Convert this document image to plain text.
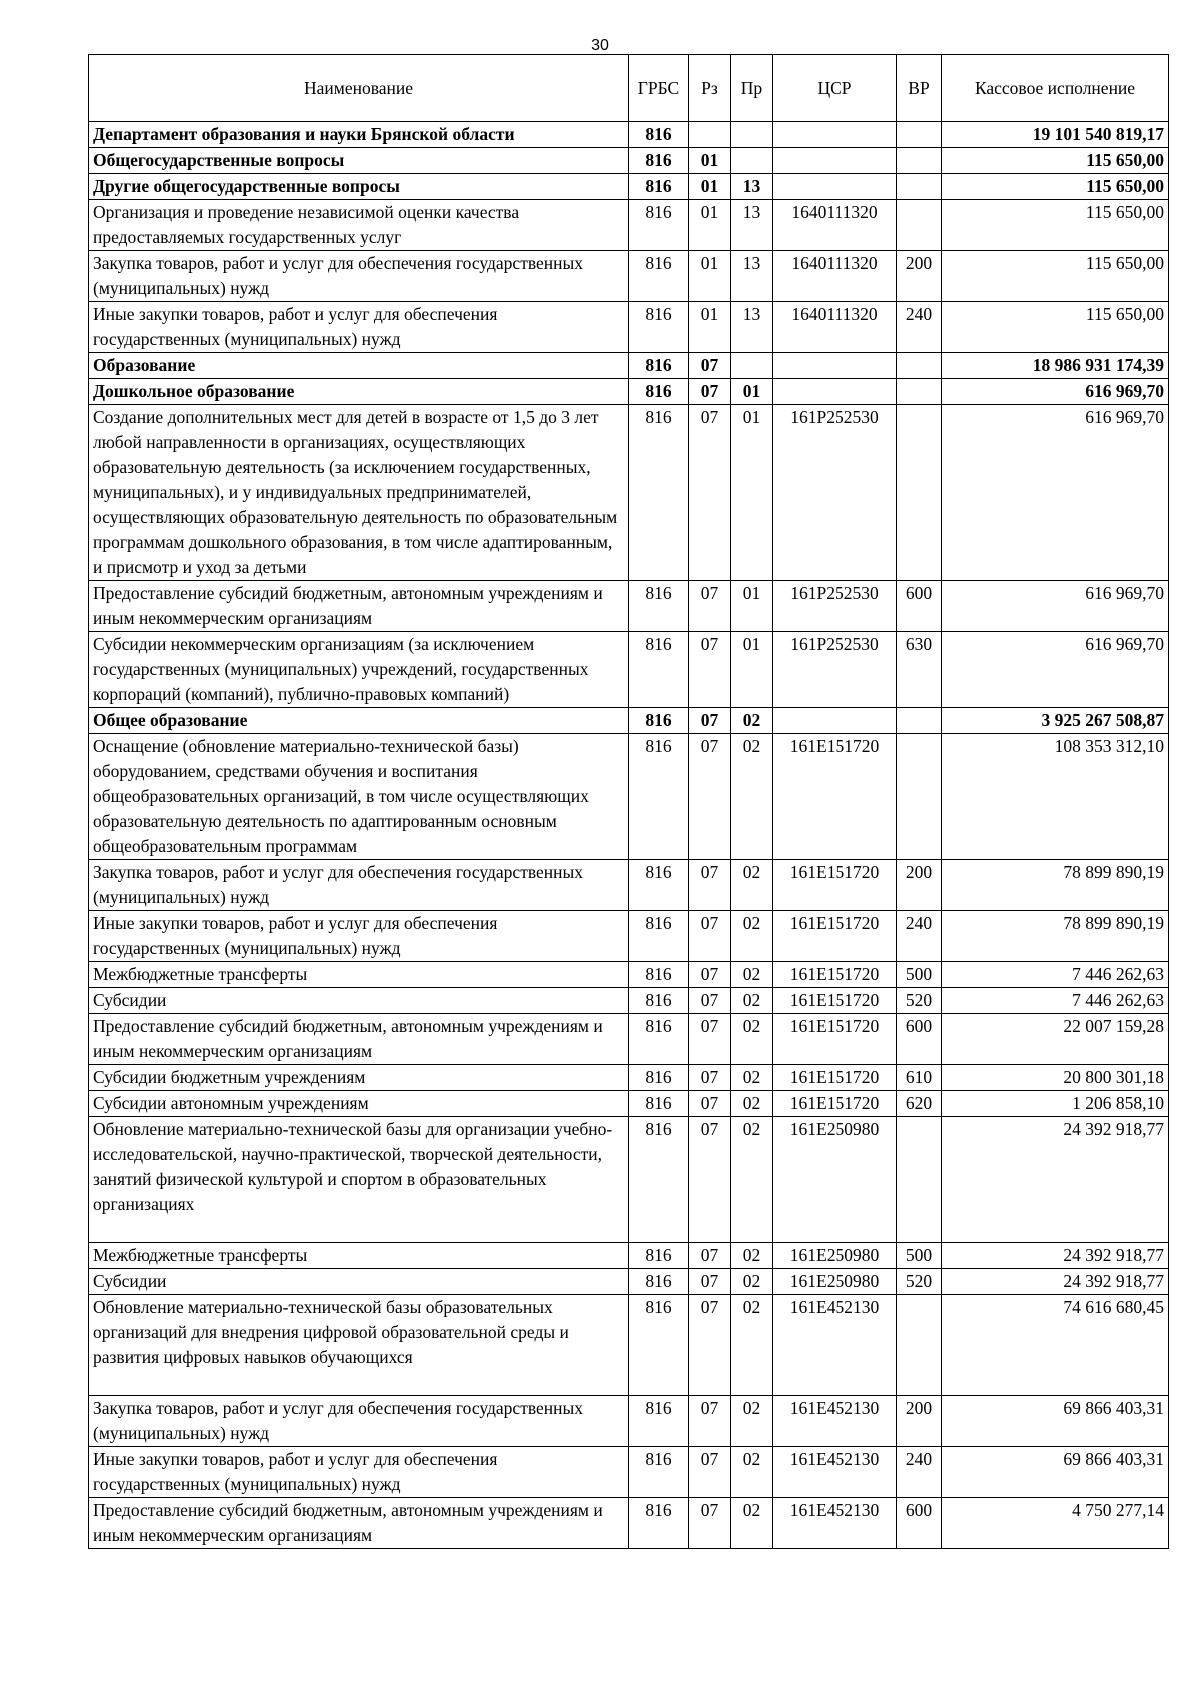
30
Наименование	ГРБС	Рз	Пр	ЦСР	ВР	Кассовое исполнение
Департамент образования и науки Брянской области	816					19 101 540 819,17
Общегосударственные вопросы	816	01				115 650,00
Другие общегосударственные вопросы	816	01	13			115 650,00
Организация и проведение независимой оценки качества предоставляемых государственных услуг	816	01	13	1640111320		115 650,00
Закупка товаров, работ и услуг для обеспечения государственных (муниципальных) нужд	816	01	13	1640111320	200	115 650,00
Иные закупки товаров, работ и услуг для обеспечения государственных (муниципальных) нужд	816	01	13	1640111320	240	115 650,00
Образование	816	07				18 986 931 174,39
Дошкольное образование	816	07	01			616 969,70
Создание дополнительных мест для детей в возрасте от 1,5 до 3 лет любой направленности в организациях, осуществляющих образовательную деятельность (за исключением государственных, муниципальных), и у индивидуальных предпринимателей, осуществляющих образовательную деятельность по образовательным программам дошкольного образования, в том числе адаптированным, и присмотр и уход за детьми	816	07	01	161P252530		616 969,70
Предоставление субсидий бюджетным, автономным учреждениям и иным некоммерческим организациям	816	07	01	161P252530	600	616 969,70
Субсидии некоммерческим организациям (за исключением государственных (муниципальных) учреждений, государственных корпораций (компаний), публично-правовых компаний)	816	07	01	161P252530	630	616 969,70
Общее образование	816	07	02			3 925 267 508,87
Оснащение (обновление материально-технической базы) оборудованием, средствами обучения и воспитания общеобразовательных организаций, в том числе осуществляющих образовательную деятельность по адаптированным основным общеобразовательным программам	816	07	02	161E151720		108 353 312,10
Закупка товаров, работ и услуг для обеспечения государственных (муниципальных) нужд	816	07	02	161E151720	200	78 899 890,19
Иные закупки товаров, работ и услуг для обеспечения государственных (муниципальных) нужд	816	07	02	161E151720	240	78 899 890,19
Межбюджетные трансферты	816	07	02	161E151720	500	7 446 262,63
Субсидии	816	07	02	161E151720	520	7 446 262,63
Предоставление субсидий бюджетным, автономным учреждениям и иным некоммерческим организациям	816	07	02	161E151720	600	22 007 159,28
Субсидии бюджетным учреждениям	816	07	02	161E151720	610	20 800 301,18
Субсидии автономным учреждениям	816	07	02	161E151720	620	1 206 858,10
Обновление материально-технической базы для организации учебно-исследовательской, научно-практической, творческой деятельности, занятий физической культурой и спортом в образовательных организациях	816	07	02	161E250980		24 392 918,77
Межбюджетные трансферты	816	07	02	161E250980	500	24 392 918,77
Субсидии	816	07	02	161E250980	520	24 392 918,77
Обновление материально-технической базы образовательных организаций для внедрения цифровой образовательной среды и развития цифровых навыков обучающихся	816	07	02	161E452130		74 616 680,45
Закупка товаров, работ и услуг для обеспечения государственных (муниципальных) нужд	816	07	02	161E452130	200	69 866 403,31
Иные закупки товаров, работ и услуг для обеспечения государственных (муниципальных) нужд	816	07	02	161E452130	240	69 866 403,31
Предоставление субсидий бюджетным, автономным учреждениям и иным некоммерческим организациям	816	07	02	161E452130	600	4 750 277,14
